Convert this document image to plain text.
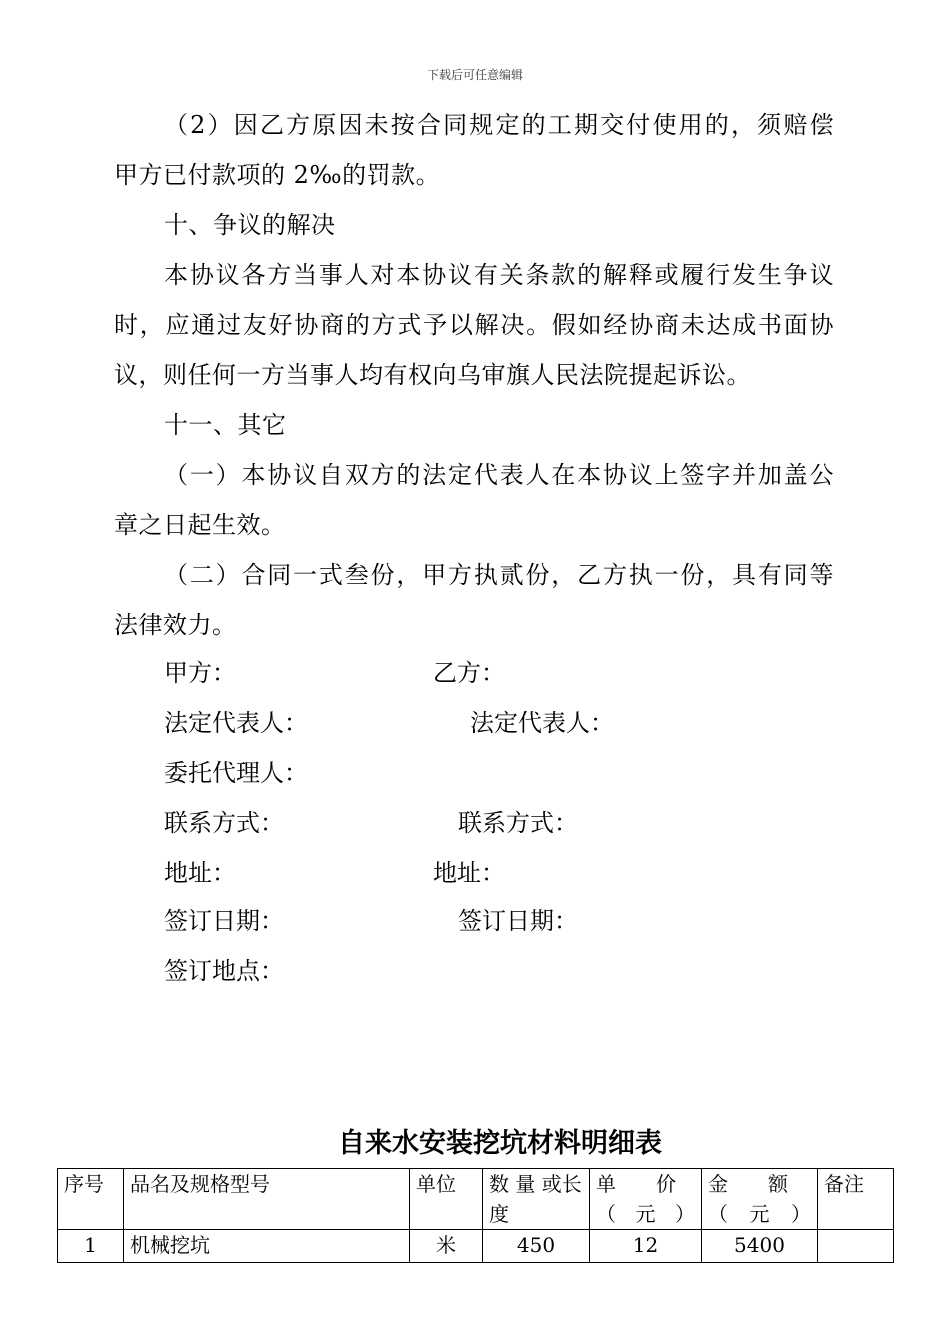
下载后可任意编辑
（2）因乙方原因未按合同规定的工期交付使用的，须赔偿
甲方已付款项的 2‰的罚款。
十、争议的解决
本协议各方当事人对本协议有关条款的解释或履行发生争议
时，应通过友好协商的方式予以解决。假如经协商未达成书面协
议，则任何一方当事人均有权向乌审旗人民法院提起诉讼。
十一、其它
（一）本协议自双方的法定代表人在本协议上签字并加盖公
章之日起生效。
（二）合同一式叁份，甲方执贰份，乙方执一份，具有同等
法律效力。
甲方：	乙方：
法定代表人：	法定代表人：
委托代理人：
联系方式：	联系方式：
地址：	地址：
签订日期：	签订日期：
签订地点：
自来水安装挖坑材料明细表
序号	品名及规格型号	单位	数 量 或长度	单　　价（元）	金　　额（元）	备注
1	机械挖坑	米	450	12	5400	
